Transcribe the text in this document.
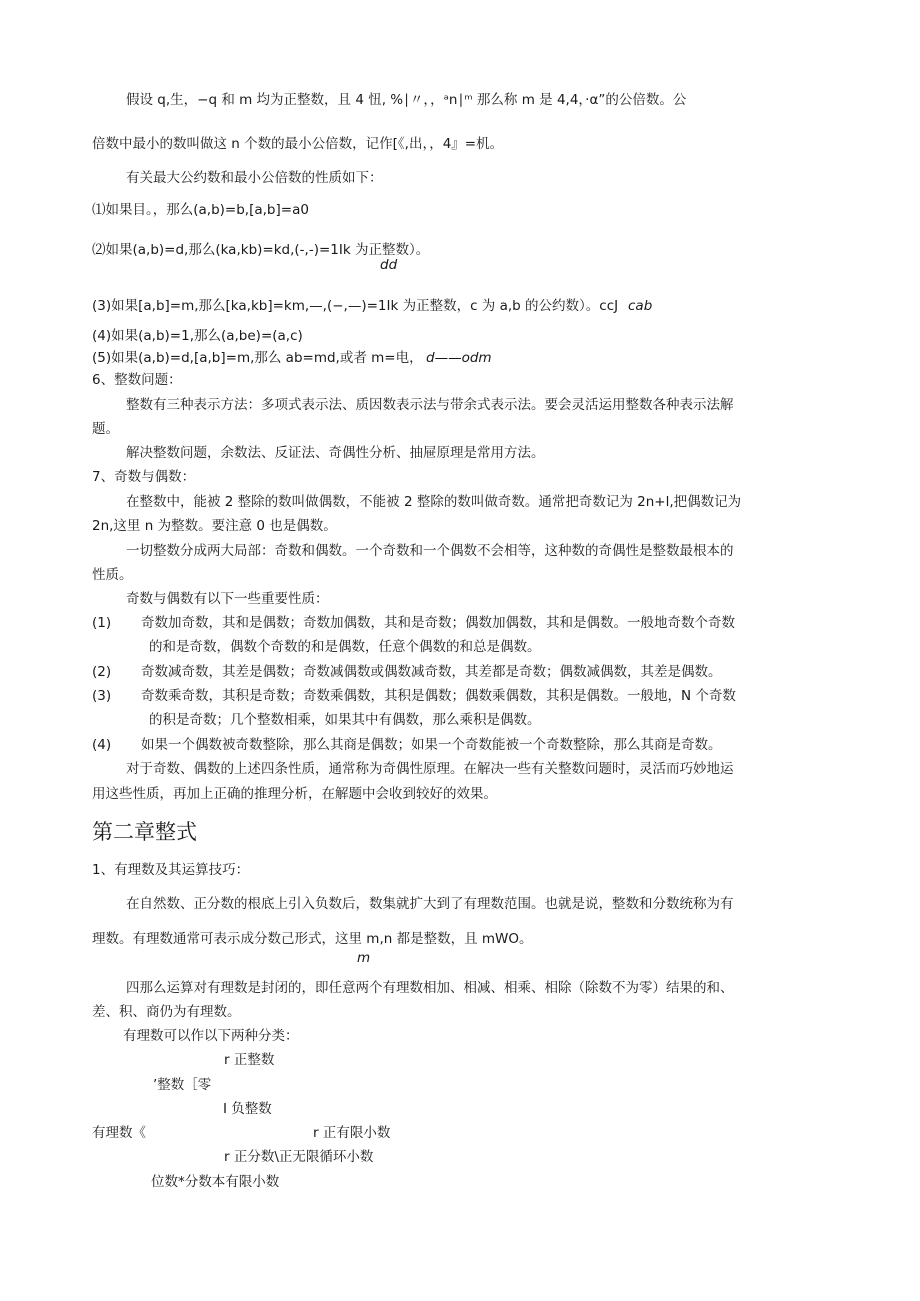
假设 q,生，−q 和 m 均为正整数，且 4 忸, %∣〃，，ᵃn∣ᵐ 那么称 m 是 4,4，·α”的公倍数。公
倍数中最小的数叫做这 n 个数的最小公倍数，记作[《,出，，4』=机。
有关最大公约数和最小公倍数的性质如下：
⑴如果目。，那么(a,b)=b,[a,b]=a0
⑵如果(a,b)=d,那么(ka,kb)=kd,(-,-)=1Ik 为正整数）。
dd
(3)如果[a,b]=m,那么[ka,kb]=km,—,(−,—)=1Ik 为正整数，c 为 a,b 的公约数）。ccJ cab
(4)如果(a,b)=1,那么(a,be)=(a,c)
(5)如果(a,b)=d,[a,b]=m,那么 ab=md,或者 m=电， d——odm
6、整数问题：
整数有三种表示方法：多项式表示法、质因数表示法与带余式表示法。要会灵活运用整数各种表示法解
题。
解决整数问题，余数法、反证法、奇偶性分析、抽屉原理是常用方法。
7、奇数与偶数：
在整数中，能被 2 整除的数叫做偶数，不能被 2 整除的数叫做奇数。通常把奇数记为 2n+l,把偶数记为
2n,这里 n 为整数。要注意 0 也是偶数。
一切整数分成两大局部：奇数和偶数。一个奇数和一个偶数不会相等，这种数的奇偶性是整数最根本的
性质。
奇数与偶数有以下一些重要性质：
(1) 奇数加奇数，其和是偶数；奇数加偶数，其和是奇数；偶数加偶数，其和是偶数。一般地奇数个奇数
的和是奇数，偶数个奇数的和是偶数，任意个偶数的和总是偶数。
(2) 奇数减奇数，其差是偶数；奇数减偶数或偶数减奇数，其差都是奇数；偶数减偶数，其差是偶数。
(3) 奇数乘奇数，其积是奇数；奇数乘偶数，其积是偶数；偶数乘偶数，其积是偶数。一般地，N 个奇数
的积是奇数；几个整数相乘，如果其中有偶数，那么乘积是偶数。
(4) 如果一个偶数被奇数整除，那么其商是偶数；如果一个奇数能被一个奇数整除，那么其商是奇数。
对于奇数、偶数的上述四条性质，通常称为奇偶性原理。在解决一些有关整数问题时，灵活而巧妙地运
用这些性质，再加上正确的推理分析，在解题中会收到较好的效果。
第二章整式
1、有理数及其运算技巧：
在自然数、正分数的根底上引入负数后，数集就扩大到了有理数范围。也就是说，整数和分数统称为有
理数。有理数通常可表示成分数己形式，这里 m,n 都是整数，且 mWO。
m
四那么运算对有理数是封闭的，即任意两个有理数相加、相减、相乘、相除（除数不为零）结果的和、
差、积、商仍为有理数。
有理数可以作以下两种分类：
r 正整数
’整数［零
I 负整数
有理数《	r 正有限小数
r 正分数\正无限循环小数
位数*分数本有限小数
